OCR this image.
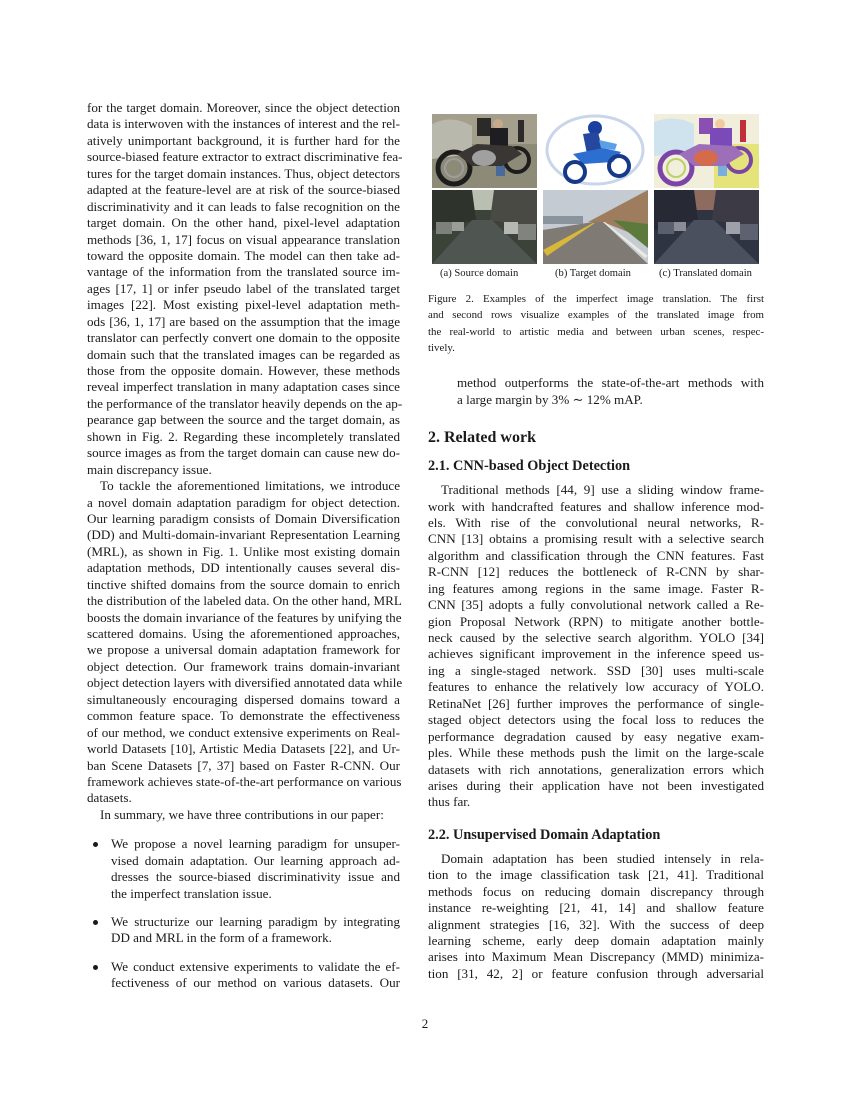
for the target domain. Moreover, since the object detection
data is interwoven with the instances of interest and the rel-
atively unimportant background, it is further hard for the
source-biased feature extractor to extract discriminative fea-
tures for the target domain instances. Thus, object detectors
adapted at the feature-level are at risk of the source-biased
discriminativity and it can leads to false recognition on the
target domain. On the other hand, pixel-level adaptation
methods [36, 1, 17] focus on visual appearance translation
toward the opposite domain. The model can then take ad-
vantage of the information from the translated source im-
ages [17, 1] or infer pseudo label of the translated target
images [22]. Most existing pixel-level adaptation meth-
ods [36, 1, 17] are based on the assumption that the image
translator can perfectly convert one domain to the opposite
domain such that the translated images can be regarded as
those from the opposite domain. However, these methods
reveal imperfect translation in many adaptation cases since
the performance of the translator heavily depends on the ap-
pearance gap between the source and the target domain, as
shown in Fig. 2. Regarding these incompletely translated
source images as from the target domain can cause new do-
main discrepancy issue.
To tackle the aforementioned limitations, we introduce
a novel domain adaptation paradigm for object detection.
Our learning paradigm consists of Domain Diversification
(DD) and Multi-domain-invariant Representation Learning
(MRL), as shown in Fig. 1. Unlike most existing domain
adaptation methods, DD intentionally causes several dis-
tinctive shifted domains from the source domain to enrich
the distribution of the labeled data. On the other hand, MRL
boosts the domain invariance of the features by unifying the
scattered domains. Using the aforementioned approaches,
we propose a universal domain adaptation framework for
object detection. Our framework trains domain-invariant
object detection layers with diversified annotated data while
simultaneously encouraging dispersed domains toward a
common feature space. To demonstrate the effectiveness
of our method, we conduct extensive experiments on Real-
world Datasets [10], Artistic Media Datasets [22], and Ur-
ban Scene Datasets [7, 37] based on Faster R-CNN. Our
framework achieves state-of-the-art performance on various
datasets.
In summary, we have three contributions in our paper:
We propose a novel learning paradigm for unsuper-
vised domain adaptation. Our learning approach ad-
dresses the source-biased discriminativity issue and
the imperfect translation issue.
We structurize our learning paradigm by integrating
DD and MRL in the form of a framework.
We conduct extensive experiments to validate the ef-
fectiveness of our method on various datasets. Our
(a) Source domain	(b) Target domain	(c) Translated domain
Figure 2. Examples of the imperfect image translation. The first
and second rows visualize examples of the translated image from
the real-world to artistic media and between urban scenes, respec-
tively.
method outperforms the state-of-the-art methods with
a large margin by 3% ∼ 12% mAP.
2. Related work
2.1. CNN-based Object Detection
Traditional methods [44, 9] use a sliding window frame-
work with handcrafted features and shallow inference mod-
els. With rise of the convolutional neural networks, R-
CNN [13] obtains a promising result with a selective search
algorithm and classification through the CNN features. Fast
R-CNN [12] reduces the bottleneck of R-CNN by shar-
ing features among regions in the same image. Faster R-
CNN [35] adopts a fully convolutional network called a Re-
gion Proposal Network (RPN) to mitigate another bottle-
neck caused by the selective search algorithm. YOLO [34]
achieves significant improvement in the inference speed us-
ing a single-staged network. SSD [30] uses multi-scale
features to enhance the relatively low accuracy of YOLO.
RetinaNet [26] further improves the performance of single-
staged object detectors using the focal loss to reduces the
performance degradation caused by easy negative exam-
ples. While these methods push the limit on the large-scale
datasets with rich annotations, generalization errors which
arises during their application have not been investigated
thus far.
2.2. Unsupervised Domain Adaptation
Domain adaptation has been studied intensely in rela-
tion to the image classification task [21, 41]. Traditional
methods focus on reducing domain discrepancy through
instance re-weighting [21, 41, 14] and shallow feature
alignment strategies [16, 32]. With the success of deep
learning scheme, early deep domain adaptation mainly
arises into Maximum Mean Discrepancy (MMD) minimiza-
tion [31, 42, 2] or feature confusion through adversarial
2
